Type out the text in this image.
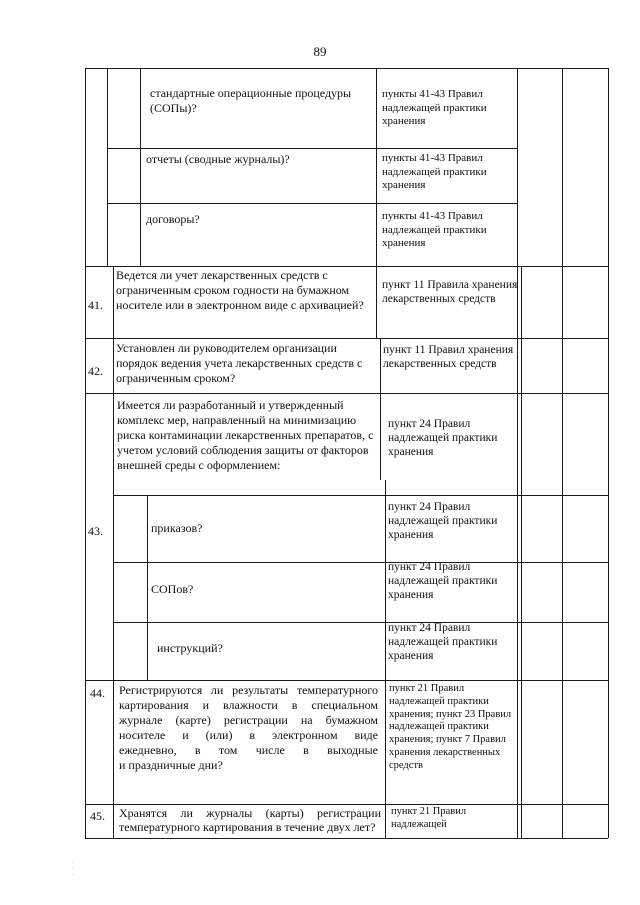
89
стандартные операционные процедуры (СОПы)?
пункты 41-43 Правил надлежащей практики хранения
отчеты (сводные журналы)?	пункты 41-43 Правил надлежащей практики хранения
договоры?	пункты 41-43 Правил надлежащей практики хранения
41.
Ведется ли учет лекарственных средств с ограниченным сроком годности на бумажном носителе или в электронном виде с архивацией?
пункт 11 Правила хранения лекарственных средств
42.
Установлен ли руководителем организации порядок ведения учета лекарственных средств с ограниченным сроком?
пункт 11 Правил хранения лекарственных средств
43.
Имеется ли разработанный и утвержденный комплекс мер, направленный на минимизацию риска контаминации лекарственных препаратов, с учетом условий соблюдения защиты от факторов внешней среды с оформлением:
пункт 24 Правил надлежащей практики хранения
приказов?
пункт 24 Правил надлежащей практики хранения
СОПов?
пункт 24 Правил надлежащей практики хранения
инструкций?
пункт 24 Правил надлежащей практики хранения
44. Регистрируются ли результаты температурного
картирования и влажности в специальном
журнале (карте) регистрации на бумажном
носителе и (или) в электронном виде
ежедневно, в том числе в выходные
и праздничные дни?
пункт 21 Правил надлежащей практики хранения; пункт 23 Правил надлежащей практики хранения; пункт 7 Правил хранения лекарственных средств
45. Хранятся ли журналы (карты) регистрации
температурного картирования в течение двух лет?
пункт 21 Правил надлежащей
·
·
·
